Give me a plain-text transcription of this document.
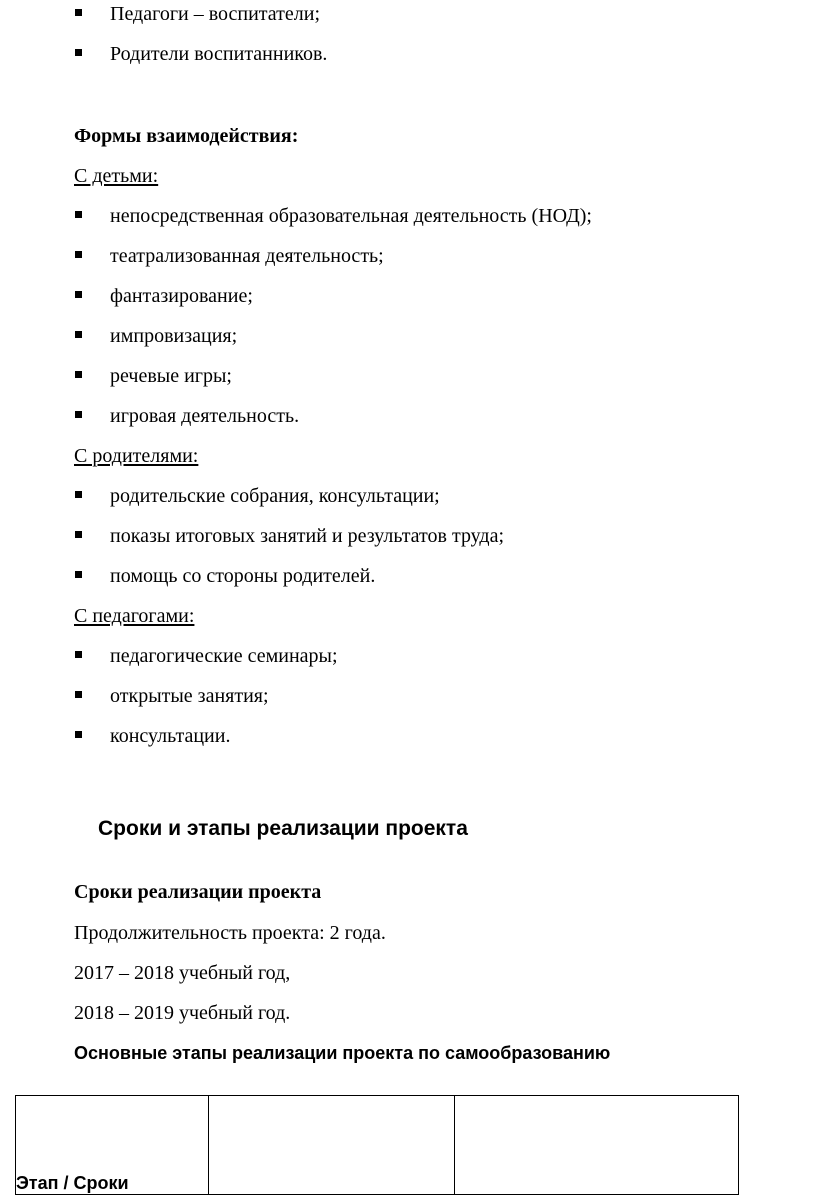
Педагоги – воспитатели;
Родители воспитанников.
Формы взаимодействия:
С детьми:
непосредственная образовательная деятельность (НОД);
театрализованная деятельность;
фантазирование;
импровизация;
речевые игры;
игровая деятельность.
С родителями:
родительские собрания, консультации;
показы итоговых занятий и результатов труда;
помощь со стороны родителей.
С педагогами:
педагогические семинары;
открытые занятия;
консультации.
Сроки и этапы реализации проекта
Сроки реализации проекта
Продолжительность проекта: 2 года.
2017 – 2018 учебный год,
2018 – 2019 учебный год.
Основные этапы реализации проекта по самообразованию
Этап / Сроки		
